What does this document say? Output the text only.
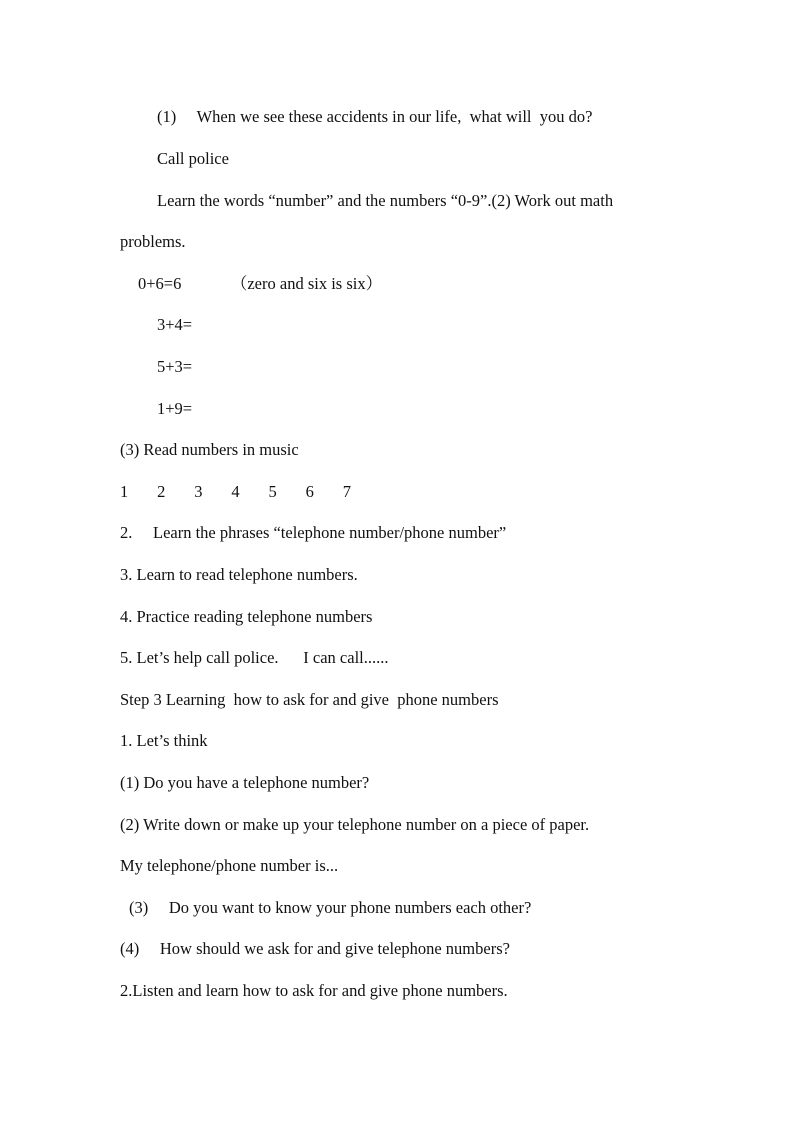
(1)     When we see these accidents in our life,  what will  you do?
Call police
Learn the words “number” and the numbers “0-9”.(2) Work out math
problems.
0+6=6            （zero and six is six）
3+4=
5+3=
1+9=
(3) Read numbers in music
1       2       3       4       5       6       7
2.     Learn the phrases “telephone number/phone number”
3. Learn to read telephone numbers.
4. Practice reading telephone numbers
5. Let’s help call police.      I can call......
Step 3 Learning  how to ask for and give  phone numbers
1. Let’s think
(1) Do you have a telephone number?
(2) Write down or make up your telephone number on a piece of paper.
My telephone/phone number is...
(3)     Do you want to know your phone numbers each other?
(4)     How should we ask for and give telephone numbers?
2.Listen and learn how to ask for and give phone numbers.
